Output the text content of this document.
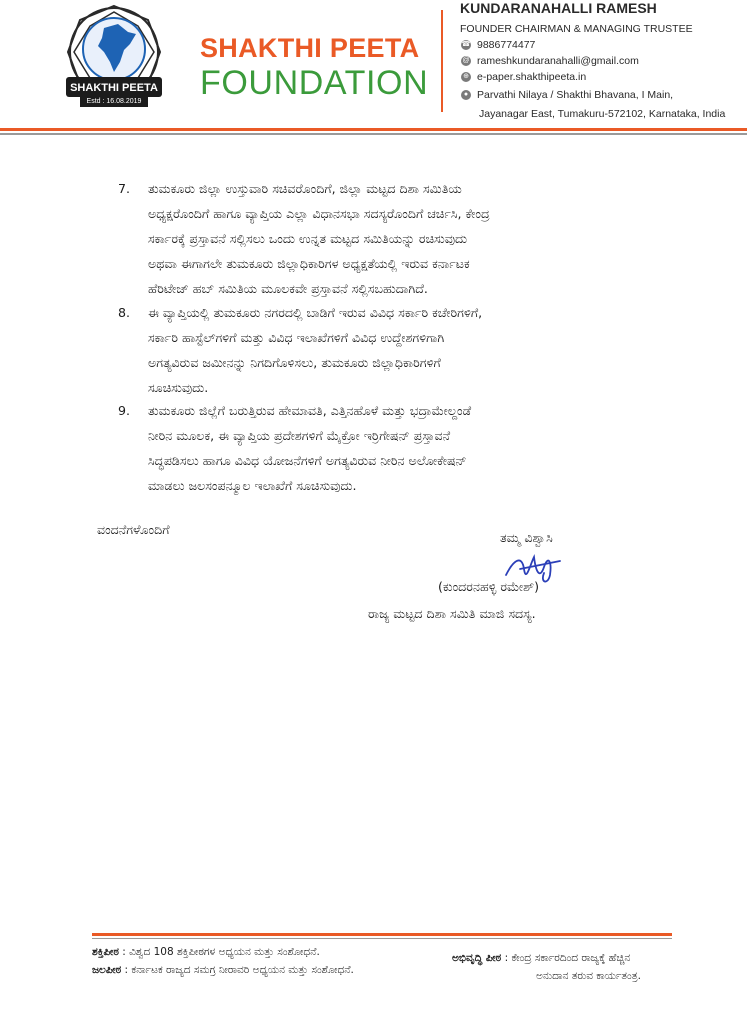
SHAKTHI PEETA
Estd : 16.08.2019
SHAKTHI PEETA
FOUNDATION
KUNDARANAHALLI RAMESH
FOUNDER CHAIRMAN & MANAGING TRUSTEE
☎ 9886774477
@ rameshkundaranahalli@gmail.com
⊕ e-paper.shakthipeeta.in
● Parvathi Nilaya / Shakthi Bhavana, I Main,
Jayanagar East, Tumakuru-572102, Karnataka, India
7. ತುಮಕೂರು ಜಿಲ್ಲಾ ಉಸ್ತುವಾರಿ ಸಚಿವರೊಂದಿಗೆ, ಜಿಲ್ಲಾ ಮಟ್ಟದ ದಿಶಾ ಸಮಿತಿಯ
ಅಧ್ಯಕ್ಷರೊಂದಿಗೆ ಹಾಗೂ ವ್ಯಾಪ್ತಿಯ ಎಲ್ಲಾ ವಿಧಾನಸಭಾ ಸದಸ್ಯರೊಂದಿಗೆ ಚರ್ಚಿಸಿ, ಕೇಂದ್ರ
ಸರ್ಕಾರಕ್ಕೆ ಪ್ರಸ್ತಾವನೆ ಸಲ್ಲಿಸಲು ಒಂದು ಉನ್ನತ ಮಟ್ಟದ ಸಮಿತಿಯನ್ನು ರಚಿಸುವುದು
ಅಥವಾ ಈಗಾಗಲೇ ತುಮಕೂರು ಜಿಲ್ಲಾಧಿಕಾರಿಗಳ ಅಧ್ಯಕ್ಷತೆಯಲ್ಲಿ ಇರುವ ಕರ್ನಾಟಕ
ಹೆರಿಟೇಜ್ ಹಬ್ ಸಮಿತಿಯ ಮೂಲಕವೇ ಪ್ರಸ್ತಾವನೆ ಸಲ್ಲಿಸಬಹುದಾಗಿದೆ.
8. ಈ ವ್ಯಾಪ್ತಿಯಲ್ಲಿ ತುಮಕೂರು ನಗರದಲ್ಲಿ ಬಾಡಿಗೆ ಇರುವ ವಿವಿಧ ಸರ್ಕಾರಿ ಕಚೇರಿಗಳಿಗೆ,
ಸರ್ಕಾರಿ ಹಾಸ್ಟೆಲ್‌ಗಳಿಗೆ ಮತ್ತು ವಿವಿಧ ಇಲಾಖೆಗಳಿಗೆ ವಿವಿಧ ಉದ್ದೇಶಗಳಿಗಾಗಿ
ಅಗತ್ಯವಿರುವ ಜಮೀನನ್ನು ನಿಗದಿಗೊಳಿಸಲು, ತುಮಕೂರು ಜಿಲ್ಲಾಧಿಕಾರಿಗಳಿಗೆ
ಸೂಚಿಸುವುದು.
9. ತುಮಕೂರು ಜಿಲ್ಲೆಗೆ ಬರುತ್ತಿರುವ ಹೇಮಾವತಿ, ಎತ್ತಿನಹೊಳೆ ಮತ್ತು ಭದ್ರಾಮೇಲ್ದಂಡೆ
ನೀರಿನ ಮೂಲಕ, ಈ ವ್ಯಾಪ್ತಿಯ ಪ್ರದೇಶಗಳಿಗೆ ಮೈಕ್ರೋ ಇರ್ರಿಗೇಷನ್ ಪ್ರಸ್ತಾವನೆ
ಸಿದ್ಧಪಡಿಸಲು ಹಾಗೂ ವಿವಿಧ ಯೋಜನೆಗಳಿಗೆ ಅಗತ್ಯವಿರುವ ನೀರಿನ ಅಲೋಕೇಷನ್
ಮಾಡಲು ಜಲಸಂಪನ್ಮೂಲ ಇಲಾಖೆಗೆ ಸೂಚಿಸುವುದು.
ವಂದನೆಗಳೊಂದಿಗೆ
ತಮ್ಮ ವಿಶ್ವಾಸಿ
(ಕುಂದರನಹಳ್ಳಿ ರಮೇಶ್)
ರಾಜ್ಯ ಮಟ್ಟದ ದಿಶಾ ಸಮಿತಿ ಮಾಜಿ ಸದಸ್ಯ.
ಶಕ್ತಿಪೀಠ : ವಿಶ್ವದ 108 ಶಕ್ತಿಪೀಠಗಳ ಅಧ್ಯಯನ ಮತ್ತು ಸಂಶೋಧನೆ.
ಜಲಪೀಠ : ಕರ್ನಾಟಕ ರಾಜ್ಯದ ಸಮಗ್ರ ನೀರಾವರಿ ಅಧ್ಯಯನ ಮತ್ತು ಸಂಶೋಧನೆ.
ಅಭಿವೃದ್ಧಿ ಪೀಠ : ಕೇಂದ್ರ ಸರ್ಕಾರದಿಂದ ರಾಜ್ಯಕ್ಕೆ ಹೆಚ್ಚಿನ
ಅನುದಾನ ತರುವ ಕಾರ್ಯತಂತ್ರ.
